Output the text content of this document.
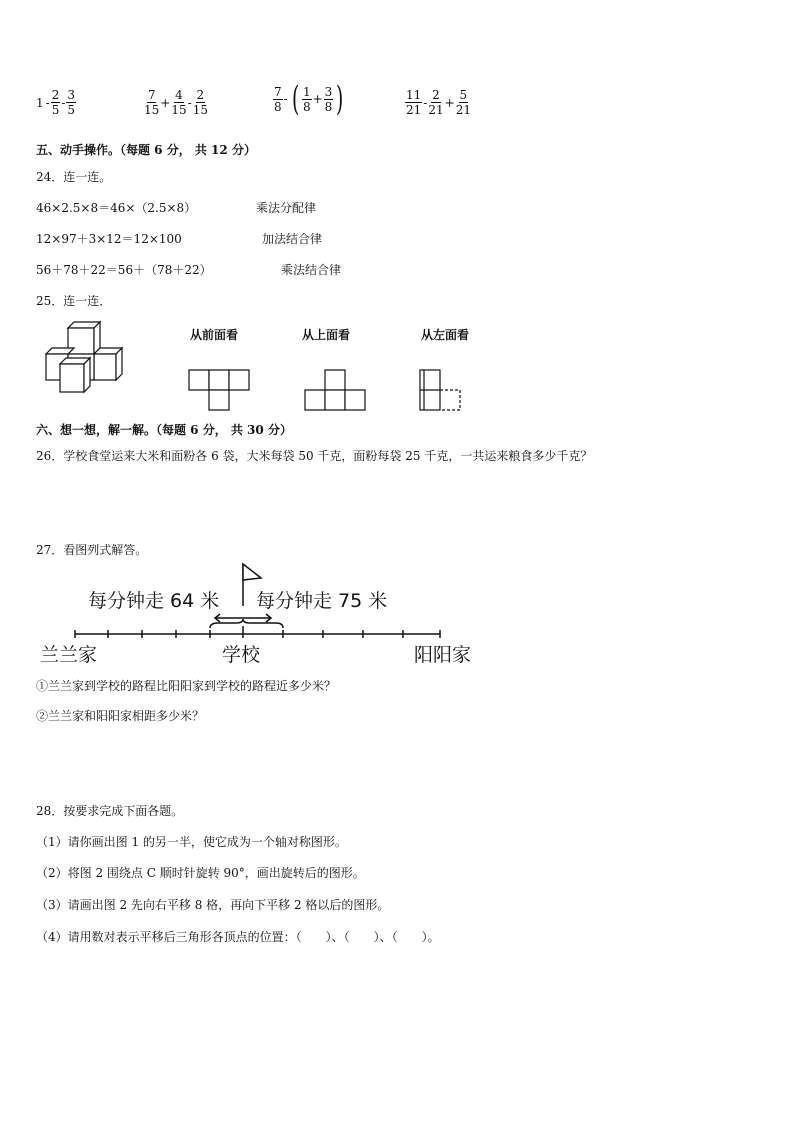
$1 - \frac{2}{5} - \frac{3}{5}$	$\frac{7}{15} + \frac{4}{15} - \frac{2}{15}$	$\frac{7}{8}$ - ( $\frac{1}{8} + \frac{3}{8}$ )	$\frac{11}{21} - \frac{2}{21} + \frac{5}{21}$
五、动手操作。（每题 6 分， 共 12 分）
24．连一连。
46×2.5×8＝46×（2.5×8）
12×97＋3×12＝12×100
56＋78＋22＝56＋（78＋22）
乘法分配律
加法结合律
乘法结合律
25．连一连．
从前面看	从上面看	从左面看
六、想一想，解一解。（每题 6 分， 共 30 分）
26．学校食堂运来大米和面粉各 6 袋，大米每袋 50 千克，面粉每袋 25 千克，一共运来粮食多少千克？
27．看图列式解答。
每分钟走 64 米 每分钟走 75 米
兰兰家	学校	阳阳家
①兰兰家到学校的路程比阳阳家到学校的路程近多少米？
②兰兰家和阳阳家相距多少米？
28．按要求完成下面各题。
（1）请你画出图 1 的另一半，使它成为一个轴对称图形。
（2）将图 2 围绕点 C 顺时针旋转 90°，画出旋转后的图形。
（3）请画出图 2 先向右平移 8 格，再向下平移 2 格以后的图形。
（4）请用数对表示平移后三角形各顶点的位置：（　　）、（　　）、（　　）。
